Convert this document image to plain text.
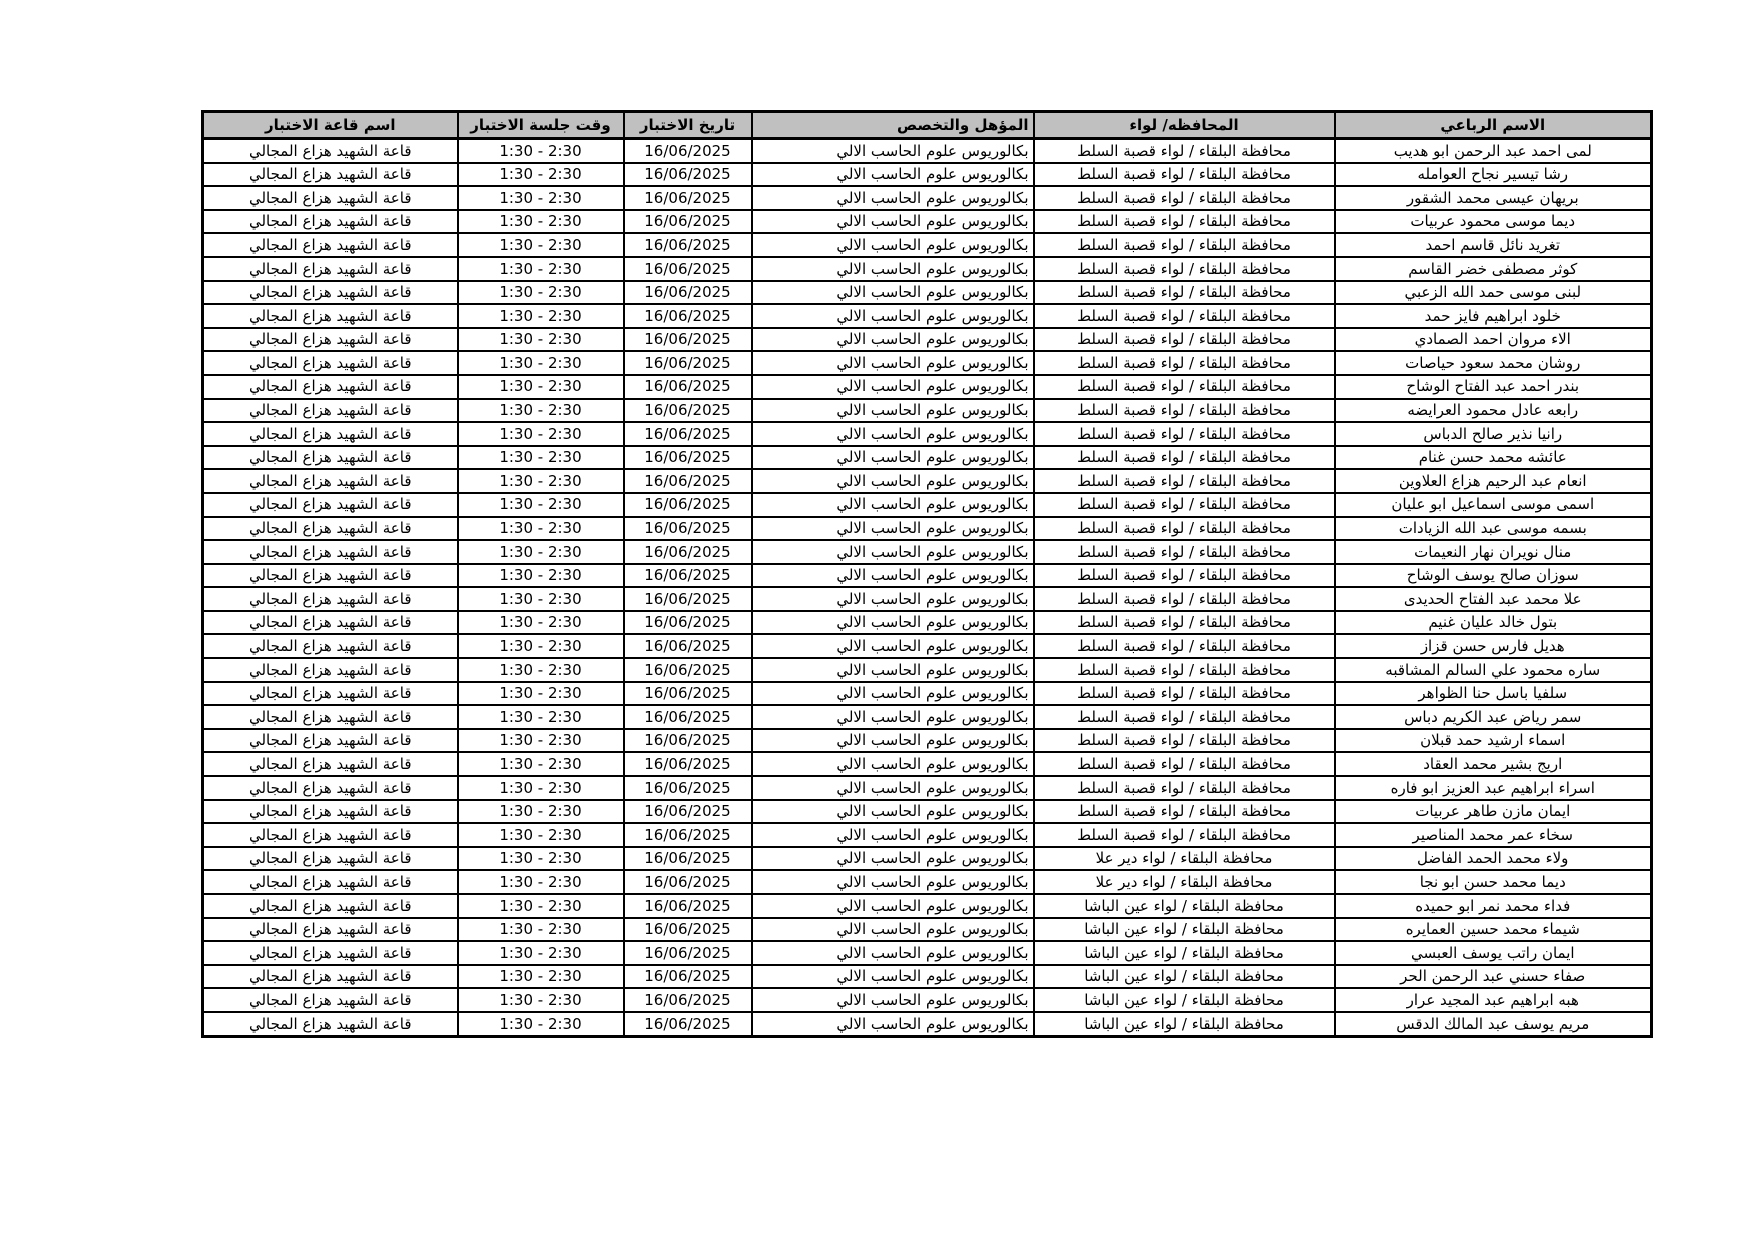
اسم قاعة الاختبار	وقت جلسة الاختبار	تاريخ الاختبار	المؤهل والتخصص	المحافظه/ لواء	الاسم الرباعي
قاعة الشهيد هزاع المجالي	1:30 - 2:30	16/06/2025	بكالوريوس علوم الحاسب الالي	محافظة البلقاء / لواء قصبة السلط	لمى احمد عبد الرحمن ابو هديب
قاعة الشهيد هزاع المجالي	1:30 - 2:30	16/06/2025	بكالوريوس علوم الحاسب الالي	محافظة البلقاء / لواء قصبة السلط	رشا تيسير نجاح العوامله
قاعة الشهيد هزاع المجالي	1:30 - 2:30	16/06/2025	بكالوريوس علوم الحاسب الالي	محافظة البلقاء / لواء قصبة السلط	بريهان عيسى محمد الشقور
قاعة الشهيد هزاع المجالي	1:30 - 2:30	16/06/2025	بكالوريوس علوم الحاسب الالي	محافظة البلقاء / لواء قصبة السلط	ديما موسى محمود عربيات
قاعة الشهيد هزاع المجالي	1:30 - 2:30	16/06/2025	بكالوريوس علوم الحاسب الالي	محافظة البلقاء / لواء قصبة السلط	تغريد نائل قاسم احمد
قاعة الشهيد هزاع المجالي	1:30 - 2:30	16/06/2025	بكالوريوس علوم الحاسب الالي	محافظة البلقاء / لواء قصبة السلط	كوثر مصطفى خضر القاسم
قاعة الشهيد هزاع المجالي	1:30 - 2:30	16/06/2025	بكالوريوس علوم الحاسب الالي	محافظة البلقاء / لواء قصبة السلط	لبنى موسى حمد الله الزعبي
قاعة الشهيد هزاع المجالي	1:30 - 2:30	16/06/2025	بكالوريوس علوم الحاسب الالي	محافظة البلقاء / لواء قصبة السلط	خلود ابراهيم فايز حمد
قاعة الشهيد هزاع المجالي	1:30 - 2:30	16/06/2025	بكالوريوس علوم الحاسب الالي	محافظة البلقاء / لواء قصبة السلط	الاء مروان احمد الصمادي
قاعة الشهيد هزاع المجالي	1:30 - 2:30	16/06/2025	بكالوريوس علوم الحاسب الالي	محافظة البلقاء / لواء قصبة السلط	روشان محمد سعود حياصات
قاعة الشهيد هزاع المجالي	1:30 - 2:30	16/06/2025	بكالوريوس علوم الحاسب الالي	محافظة البلقاء / لواء قصبة السلط	بندر احمد عبد الفتاح الوشاح
قاعة الشهيد هزاع المجالي	1:30 - 2:30	16/06/2025	بكالوريوس علوم الحاسب الالي	محافظة البلقاء / لواء قصبة السلط	رابعه عادل محمود العرايضه
قاعة الشهيد هزاع المجالي	1:30 - 2:30	16/06/2025	بكالوريوس علوم الحاسب الالي	محافظة البلقاء / لواء قصبة السلط	رانيا نذير صالح الدباس
قاعة الشهيد هزاع المجالي	1:30 - 2:30	16/06/2025	بكالوريوس علوم الحاسب الالي	محافظة البلقاء / لواء قصبة السلط	عائشه محمد حسن غنام
قاعة الشهيد هزاع المجالي	1:30 - 2:30	16/06/2025	بكالوريوس علوم الحاسب الالي	محافظة البلقاء / لواء قصبة السلط	انعام عبد الرحيم هزاع العلاوين
قاعة الشهيد هزاع المجالي	1:30 - 2:30	16/06/2025	بكالوريوس علوم الحاسب الالي	محافظة البلقاء / لواء قصبة السلط	اسمى موسى اسماعيل ابو عليان
قاعة الشهيد هزاع المجالي	1:30 - 2:30	16/06/2025	بكالوريوس علوم الحاسب الالي	محافظة البلقاء / لواء قصبة السلط	بسمه موسى عبد الله الزيادات
قاعة الشهيد هزاع المجالي	1:30 - 2:30	16/06/2025	بكالوريوس علوم الحاسب الالي	محافظة البلقاء / لواء قصبة السلط	منال نويران نهار النعيمات
قاعة الشهيد هزاع المجالي	1:30 - 2:30	16/06/2025	بكالوريوس علوم الحاسب الالي	محافظة البلقاء / لواء قصبة السلط	سوزان صالح يوسف الوشاح
قاعة الشهيد هزاع المجالي	1:30 - 2:30	16/06/2025	بكالوريوس علوم الحاسب الالي	محافظة البلقاء / لواء قصبة السلط	علا محمد عبد الفتاح الحديدى
قاعة الشهيد هزاع المجالي	1:30 - 2:30	16/06/2025	بكالوريوس علوم الحاسب الالي	محافظة البلقاء / لواء قصبة السلط	بتول خالد عليان غنيم
قاعة الشهيد هزاع المجالي	1:30 - 2:30	16/06/2025	بكالوريوس علوم الحاسب الالي	محافظة البلقاء / لواء قصبة السلط	هديل فارس حسن قزاز
قاعة الشهيد هزاع المجالي	1:30 - 2:30	16/06/2025	بكالوريوس علوم الحاسب الالي	محافظة البلقاء / لواء قصبة السلط	ساره محمود علي السالم المشاقبه
قاعة الشهيد هزاع المجالي	1:30 - 2:30	16/06/2025	بكالوريوس علوم الحاسب الالي	محافظة البلقاء / لواء قصبة السلط	سلفيا باسل حنا الظواهر
قاعة الشهيد هزاع المجالي	1:30 - 2:30	16/06/2025	بكالوريوس علوم الحاسب الالي	محافظة البلقاء / لواء قصبة السلط	سمر رياض عبد الكريم دباس
قاعة الشهيد هزاع المجالي	1:30 - 2:30	16/06/2025	بكالوريوس علوم الحاسب الالي	محافظة البلقاء / لواء قصبة السلط	اسماء ارشيد حمد قبلان
قاعة الشهيد هزاع المجالي	1:30 - 2:30	16/06/2025	بكالوريوس علوم الحاسب الالي	محافظة البلقاء / لواء قصبة السلط	اريج بشير محمد العقاد
قاعة الشهيد هزاع المجالي	1:30 - 2:30	16/06/2025	بكالوريوس علوم الحاسب الالي	محافظة البلقاء / لواء قصبة السلط	اسراء ابراهيم عبد العزيز ابو فاره
قاعة الشهيد هزاع المجالي	1:30 - 2:30	16/06/2025	بكالوريوس علوم الحاسب الالي	محافظة البلقاء / لواء قصبة السلط	ايمان مازن طاهر عربيات
قاعة الشهيد هزاع المجالي	1:30 - 2:30	16/06/2025	بكالوريوس علوم الحاسب الالي	محافظة البلقاء / لواء قصبة السلط	سخاء عمر محمد المناصير
قاعة الشهيد هزاع المجالي	1:30 - 2:30	16/06/2025	بكالوريوس علوم الحاسب الالي	محافظة البلقاء / لواء دير علا	ولاء محمد الحمد الفاضل
قاعة الشهيد هزاع المجالي	1:30 - 2:30	16/06/2025	بكالوريوس علوم الحاسب الالي	محافظة البلقاء / لواء دير علا	ديما محمد حسن ابو نجا
قاعة الشهيد هزاع المجالي	1:30 - 2:30	16/06/2025	بكالوريوس علوم الحاسب الالي	محافظة البلقاء / لواء عين الباشا	فداء محمد نمر ابو حميده
قاعة الشهيد هزاع المجالي	1:30 - 2:30	16/06/2025	بكالوريوس علوم الحاسب الالي	محافظة البلقاء / لواء عين الباشا	شيماء محمد حسين العمايره
قاعة الشهيد هزاع المجالي	1:30 - 2:30	16/06/2025	بكالوريوس علوم الحاسب الالي	محافظة البلقاء / لواء عين الباشا	ايمان راتب يوسف العبسي
قاعة الشهيد هزاع المجالي	1:30 - 2:30	16/06/2025	بكالوريوس علوم الحاسب الالي	محافظة البلقاء / لواء عين الباشا	صفاء حسني عبد الرحمن الحر
قاعة الشهيد هزاع المجالي	1:30 - 2:30	16/06/2025	بكالوريوس علوم الحاسب الالي	محافظة البلقاء / لواء عين الباشا	هبه ابراهيم عبد المجيد عرار
قاعة الشهيد هزاع المجالي	1:30 - 2:30	16/06/2025	بكالوريوس علوم الحاسب الالي	محافظة البلقاء / لواء عين الباشا	مريم يوسف عبد المالك الدقس
